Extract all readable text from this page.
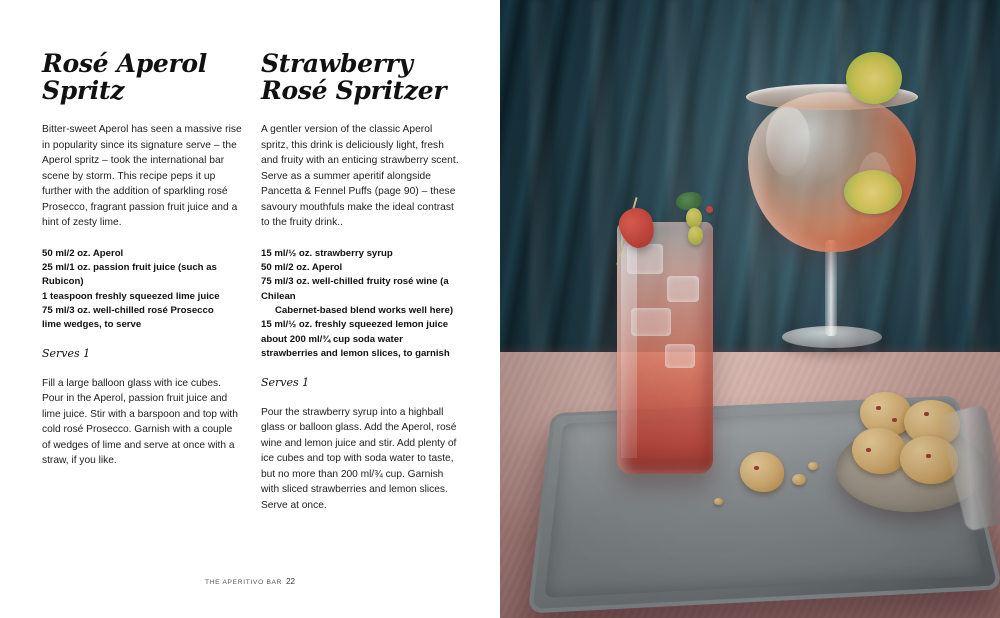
Rosé Aperol Spritz

Bitter-sweet Aperol has seen a massive rise in popularity since its signature serve – the Aperol spritz – took the international bar scene by storm. This recipe peps it up further with the addition of sparkling rosé Prosecco, fragrant passion fruit juice and a hint of zesty lime.

50 ml/2 oz. Aperol
25 ml/1 oz. passion fruit juice (such as Rubicon)
1 teaspoon freshly squeezed lime juice
75 ml/3 oz. well-chilled rosé Prosecco
lime wedges, to serve
Serves 1

Fill a large balloon glass with ice cubes. Pour in the Aperol, passion fruit juice and lime juice. Stir with a barspoon and top with cold rosé Prosecco. Garnish with a couple of wedges of lime and serve at once with a straw, if you like.

Strawberry Rosé Spritzer

A gentler version of the classic Aperol spritz, this drink is deliciously light, fresh and fruity with an enticing strawberry scent. Serve as a summer aperitif alongside Pancetta & Fennel Puffs (page 90) – these savoury mouthfuls make the ideal contrast to the fruity drink..

15 ml/½ oz. strawberry syrup
50 ml/2 oz. Aperol
75 ml/3 oz. well-chilled fruity rosé wine (a Chilean
Cabernet-based blend works well here)
15 ml/½ oz. freshly squeezed lemon juice
about 200 ml/¾ cup soda water
strawberries and lemon slices, to garnish
Serves 1

Pour the strawberry syrup into a highball glass or balloon glass. Add the Aperol, rosé wine and lemon juice and stir. Add plenty of ice cubes and top with soda water to taste, but no more than 200 ml/¾ cup. Garnish with sliced strawberries and lemon slices. Serve at once.

THE APERITIVO BAR 22
